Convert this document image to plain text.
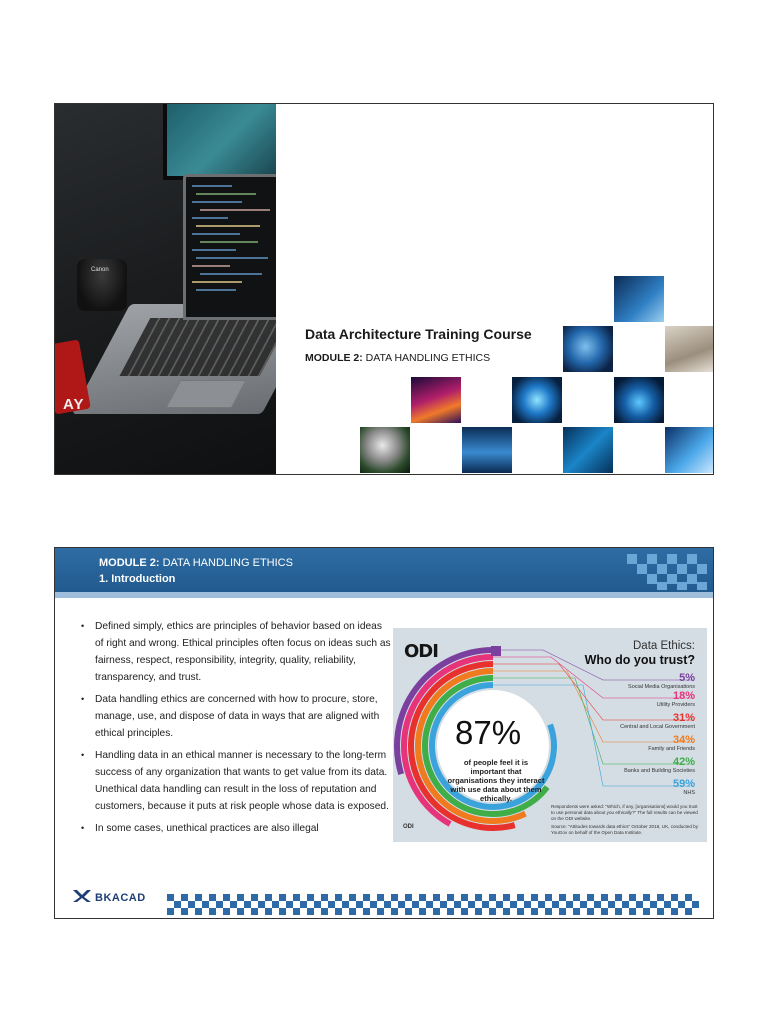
Canon
AY
Data Architecture Training Course
MODULE 2: DATA HANDLING ETHICS
MODULE 2: DATA HANDLING ETHICS
1. Introduction
• Defined simply, ethics are principles of behavior based on ideas of right and wrong. Ethical principles often focus on ideas such as fairness, respect, responsibility, integrity, quality, reliability, transparency, and trust.
• Data handling ethics are concerned with how to procure, store, manage, use, and dispose of data in ways that are aligned with ethical principles.
• Handling data in an ethical manner is necessary to the long-term success of any organization that wants to get value from its data. Unethical data handling can result in the loss of reputation and customers, because it puts at risk people whose data is exposed.
• In some cases, unethical practices are also illegal
ODI	Data Ethics:
Who do you trust?
5%
Social Media Organisations
18%
Utility Providers
31%
Central and Local Government
34%
Family and Friends
42%
Banks and Building Societies
59%
NHS
87%
of people feel it is important that organisations they interact with use data about them ethically.
Respondents were asked: "Which, if any, [organisations] would you trust to use personal data about you ethically?" The full results can be viewed on the ODI website.
Source: "Attitudes towards data ethics" October 2018, UK, conducted by YouGov on behalf of the Open Data Institute.
ODI
BKACAD
